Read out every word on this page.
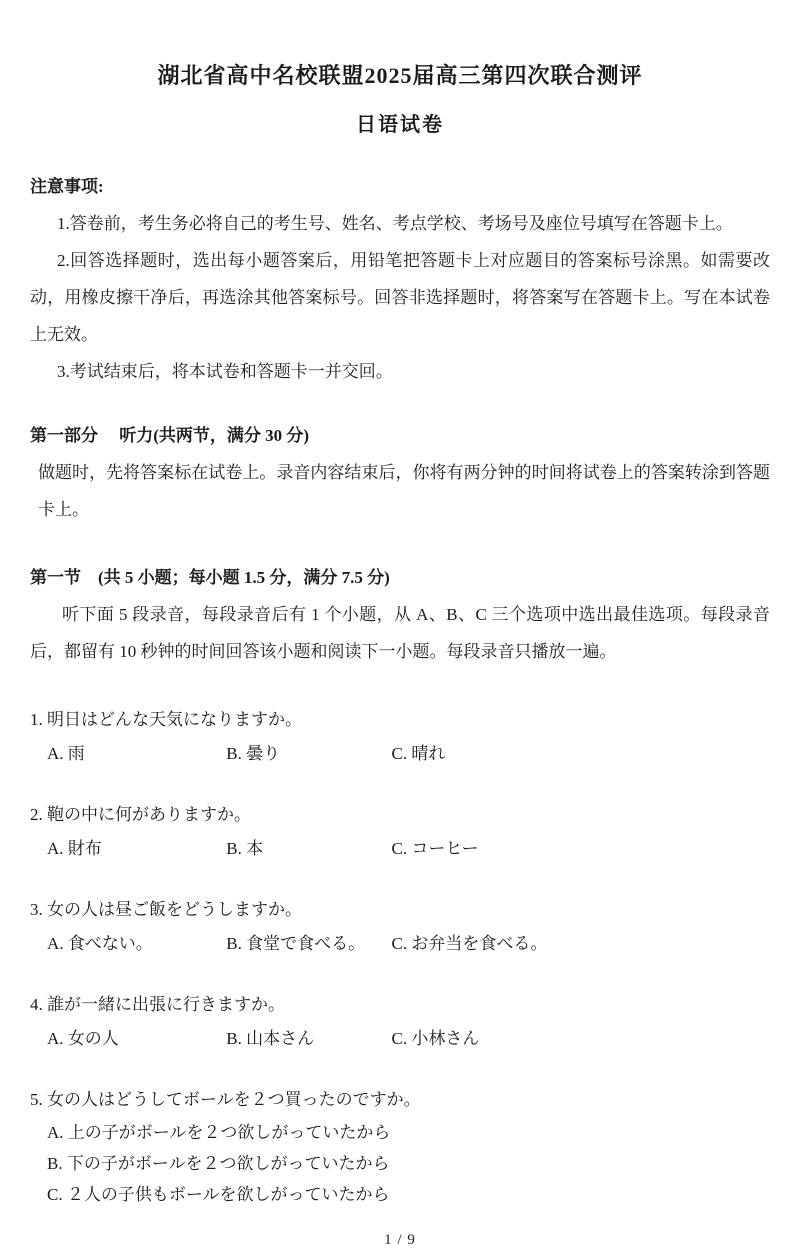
湖北省高中名校联盟2025届高三第四次联合测评
日语试卷
注意事项:
1.答卷前，考生务必将自己的考生号、姓名、考点学校、考场号及座位号填写在答题卡上。
2.回答选择题时，选出每小题答案后，用铅笔把答题卡上对应题目的答案标号涂黑。如需要改动，用橡皮擦干净后，再选涂其他答案标号。回答非选择题时，将答案写在答题卡上。写在本试卷上无效。
3.考试结束后，将本试卷和答题卡一并交回。
第一部分　 听力(共两节，满分 30 分)
做题时，先将答案标在试卷上。录音内容结束后，你将有两分钟的时间将试卷上的答案转涂到答题卡上。
第一节　(共 5 小题；每小题 1.5 分，满分 7.5 分)
听下面 5 段录音，每段录音后有 1 个小题，从 A、B、C 三个选项中选出最佳选项。每段录音后，都留有 10 秒钟的时间回答该小题和阅读下一小题。每段录音只播放一遍。
1. 明日はどんな天気になりますか。
A. 雨	B. 曇り	C. 晴れ
2. 鞄の中に何がありますか。
A. 財布	B. 本	C. コーヒー
3. 女の人は昼ご飯をどうしますか。
A. 食べない。	B. 食堂で食べる。 C. お弁当を食べる。
4. 誰が一緒に出張に行きますか。
A. 女の人	B. 山本さん	C. 小林さん
5. 女の人はどうしてボールを２つ買ったのですか。
A. 上の子がボールを２つ欲しがっていたから
B. 下の子がボールを２つ欲しがっていたから
C. ２人の子供もボールを欲しがっていたから
1 / 9
